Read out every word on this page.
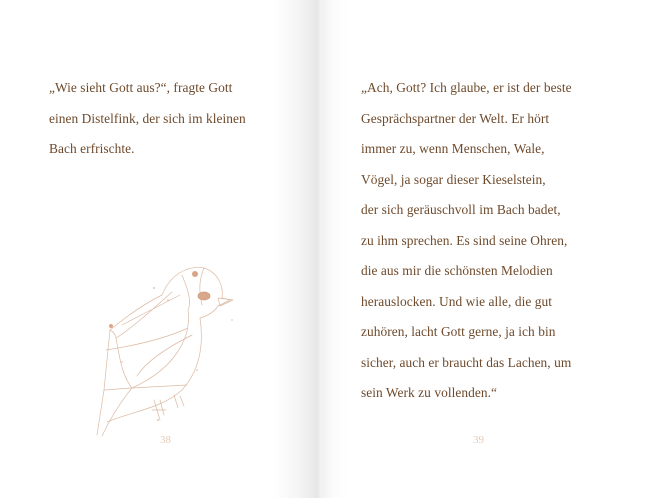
„Wie sieht Gott aus?“, fragte Gott
einen Distelfink, der sich im kleinen
Bach erfrischte.
38
„Ach, Gott? Ich glaube, er ist der beste
Gesprächspartner der Welt. Er hört
immer zu, wenn Menschen, Wale,
Vögel, ja sogar dieser Kieselstein,
der sich geräuschvoll im Bach badet,
zu ihm sprechen. Es sind seine Ohren,
die aus mir die schönsten Melodien
herauslocken. Und wie alle, die gut
zuhören, lacht Gott gerne, ja ich bin
sicher, auch er braucht das Lachen, um
sein Werk zu vollenden.“
39
